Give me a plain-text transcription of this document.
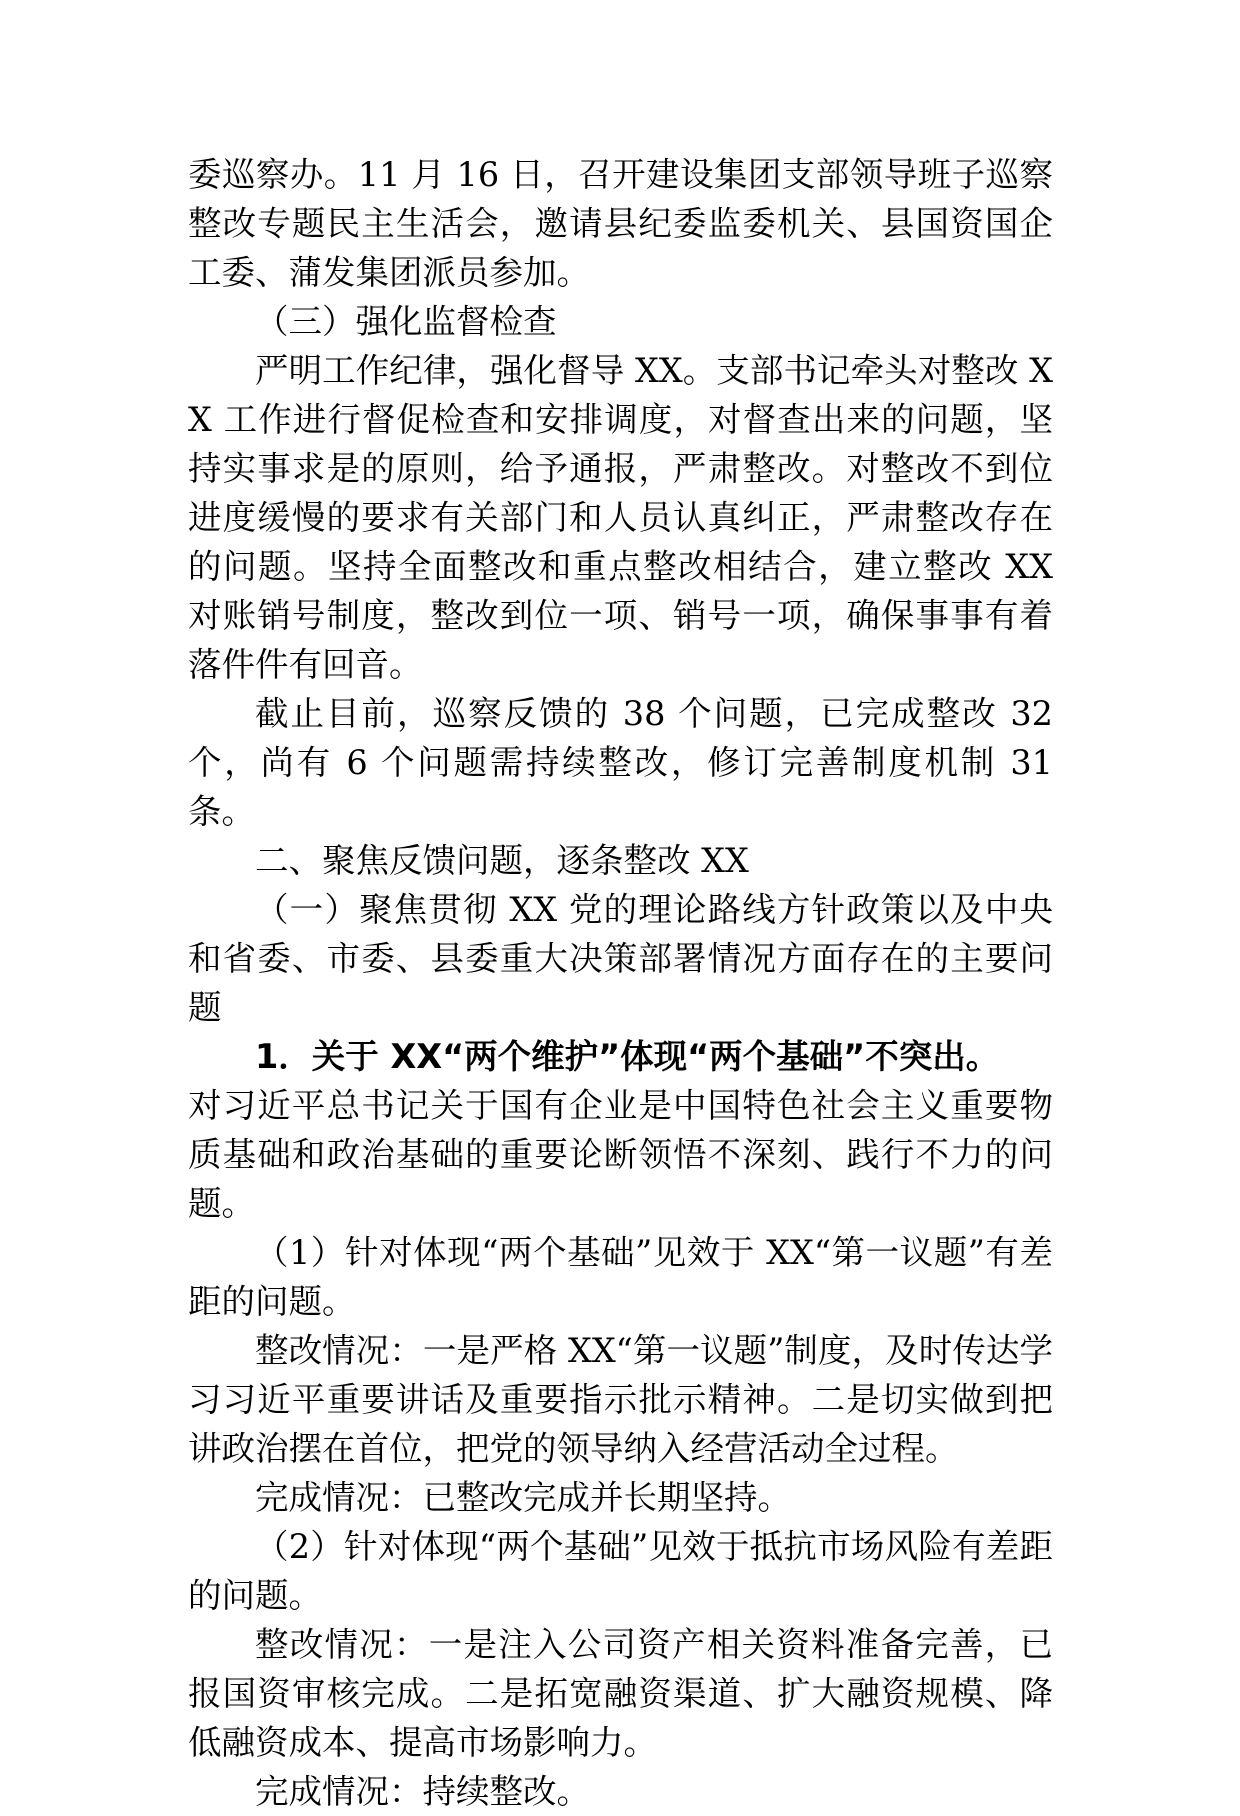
委巡察办。11 月 16 日，召开建设集团支部领导班子巡察整改专题民主生活会，邀请县纪委监委机关、县国资国企工委、蒲发集团派员参加。

（三）强化监督检查

严明工作纪律，强化督导 XX。支部书记牵头对整改 XX 工作进行督促检查和安排调度，对督查出来的问题，坚持实事求是的原则，给予通报，严肃整改。对整改不到位进度缓慢的要求有关部门和人员认真纠正，严肃整改存在的问题。坚持全面整改和重点整改相结合，建立整改 XX 对账销号制度，整改到位一项、销号一项，确保事事有着落件件有回音。

截止目前，巡察反馈的 38 个问题，已完成整改 32 个，尚有 6 个问题需持续整改，修订完善制度机制 31 条。

二、聚焦反馈问题，逐条整改 XX

（一）聚焦贯彻 XX 党的理论路线方针政策以及中央和省委、市委、县委重大决策部署情况方面存在的主要问题

1．关于 XX“两个维护”体现“两个基础”不突出。

对习近平总书记关于国有企业是中国特色社会主义重要物质基础和政治基础的重要论断领悟不深刻、践行不力的问题。

（1）针对体现“两个基础”见效于 XX“第一议题”有差距的问题。

整改情况：一是严格 XX“第一议题”制度，及时传达学习习近平重要讲话及重要指示批示精神。二是切实做到把讲政治摆在首位，把党的领导纳入经营活动全过程。

完成情况：已整改完成并长期坚持。

（2）针对体现“两个基础”见效于抵抗市场风险有差距的问题。

整改情况：一是注入公司资产相关资料准备完善，已报国资审核完成。二是拓宽融资渠道、扩大融资规模、降低融资成本、提高市场影响力。

完成情况：持续整改。
